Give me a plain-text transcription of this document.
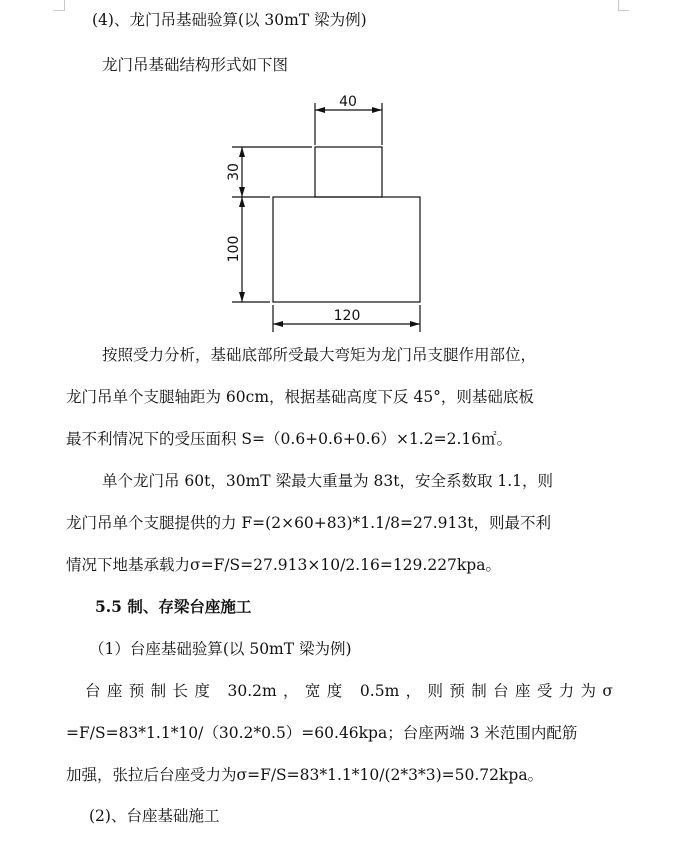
(4)、龙门吊基础验算(以 30mT 梁为例)
龙门吊基础结构形式如下图
40
120
30
100
按照受力分析，基础底部所受最大弯矩为龙门吊支腿作用部位，
龙门吊单个支腿轴距为 60cm，根据基础高度下反 45°，则基础底板
最不利情况下的受压面积 S=（0.6+0.6+0.6）×1.2=2.16㎡。
单个龙门吊 60t，30mT 梁最大重量为 83t，安全系数取 1.1，则
龙门吊单个支腿提供的力 F=(2×60+83)*1.1/8=27.913t，则最不利
情况下地基承载力σ=F/S=27.913×10/2.16=129.227kpa。
5.5 制、存梁台座施工
（1）台座基础验算(以 50mT 梁为例)
台座预制长度 30.2m，宽度 0.5m，则预制台座受力为σ
=F/S=83*1.1*10/（30.2*0.5）=60.46kpa；台座两端 3 米范围内配筋
加强，张拉后台座受力为σ=F/S=83*1.1*10/(2*3*3)=50.72kpa。
(2)、台座基础施工
